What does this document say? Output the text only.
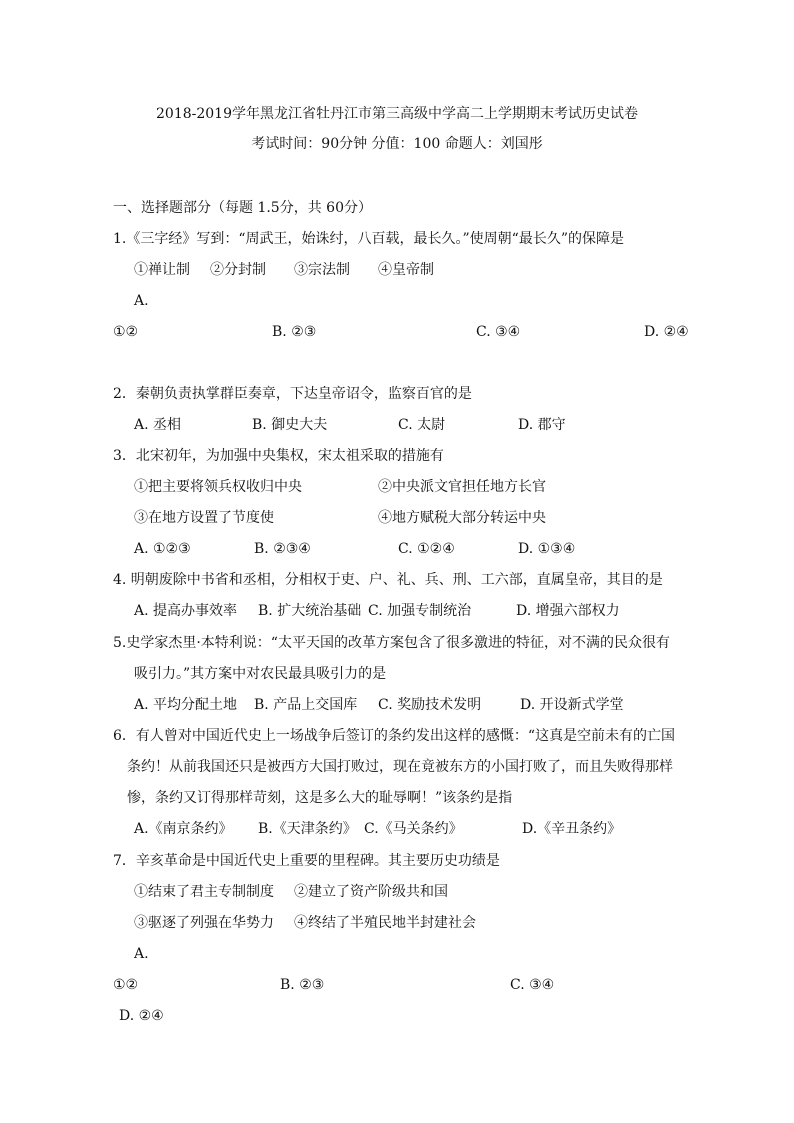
2018-2019学年黑龙江省牡丹江市第三高级中学高二上学期期末考试历史试卷
考试时间：90分钟 分值：100 命题人：刘国彤
一、选择题部分（每题 1.5分，共 60分）
1.《三字经》写到：“周武王，始诛纣，八百载，最长久。”使周朝“最长久”的保障是
①禅让制 ②分封制 ③宗法制 ④皇帝制
A.
①②	B. ②③	C. ③④	D. ②④
2．秦朝负责执掌群臣奏章，下达皇帝诏令，监察百官的是
A. 丞相	B. 御史大夫	C. 太尉	D. 郡守
3．北宋初年，为加强中央集权，宋太祖采取的措施有
①把主要将领兵权收归中央	②中央派文官担任地方长官
③在地方设置了节度使	④地方赋税大部分转运中央
A. ①②③	B. ②③④	C. ①②④	D. ①③④
4. 明朝废除中书省和丞相，分相权于吏、户、礼、兵、刑、工六部，直属皇帝，其目的是
A. 提高办事效率 B. 扩大统治基础 C. 加强专制统治	D. 增强六部权力
5.史学家杰里·本特利说：“太平天国的改革方案包含了很多激进的特征，对不满的民众很有
吸引力。”其方案中对农民最具吸引力的是
A. 平均分配土地 B. 产品上交国库 C. 奖励技术发明	D. 开设新式学堂
6．有人曾对中国近代史上一场战争后签订的条约发出这样的感慨：“这真是空前未有的亡国
条约！从前我国还只是被西方大国打败过，现在竟被东方的小国打败了，而且失败得那样
惨，条约又订得那样苛刻，这是多么大的耻辱啊！”该条约是指
A.《南京条约》 B.《天津条约》 C.《马关条约》	D.《辛丑条约》
7．辛亥革命是中国近代史上重要的里程碑。其主要历史功绩是
①结束了君主专制制度 ②建立了资产阶级共和国
③驱逐了列强在华势力 ④终结了半殖民地半封建社会
A.
①②	B. ②③	C. ③④
D. ②④
